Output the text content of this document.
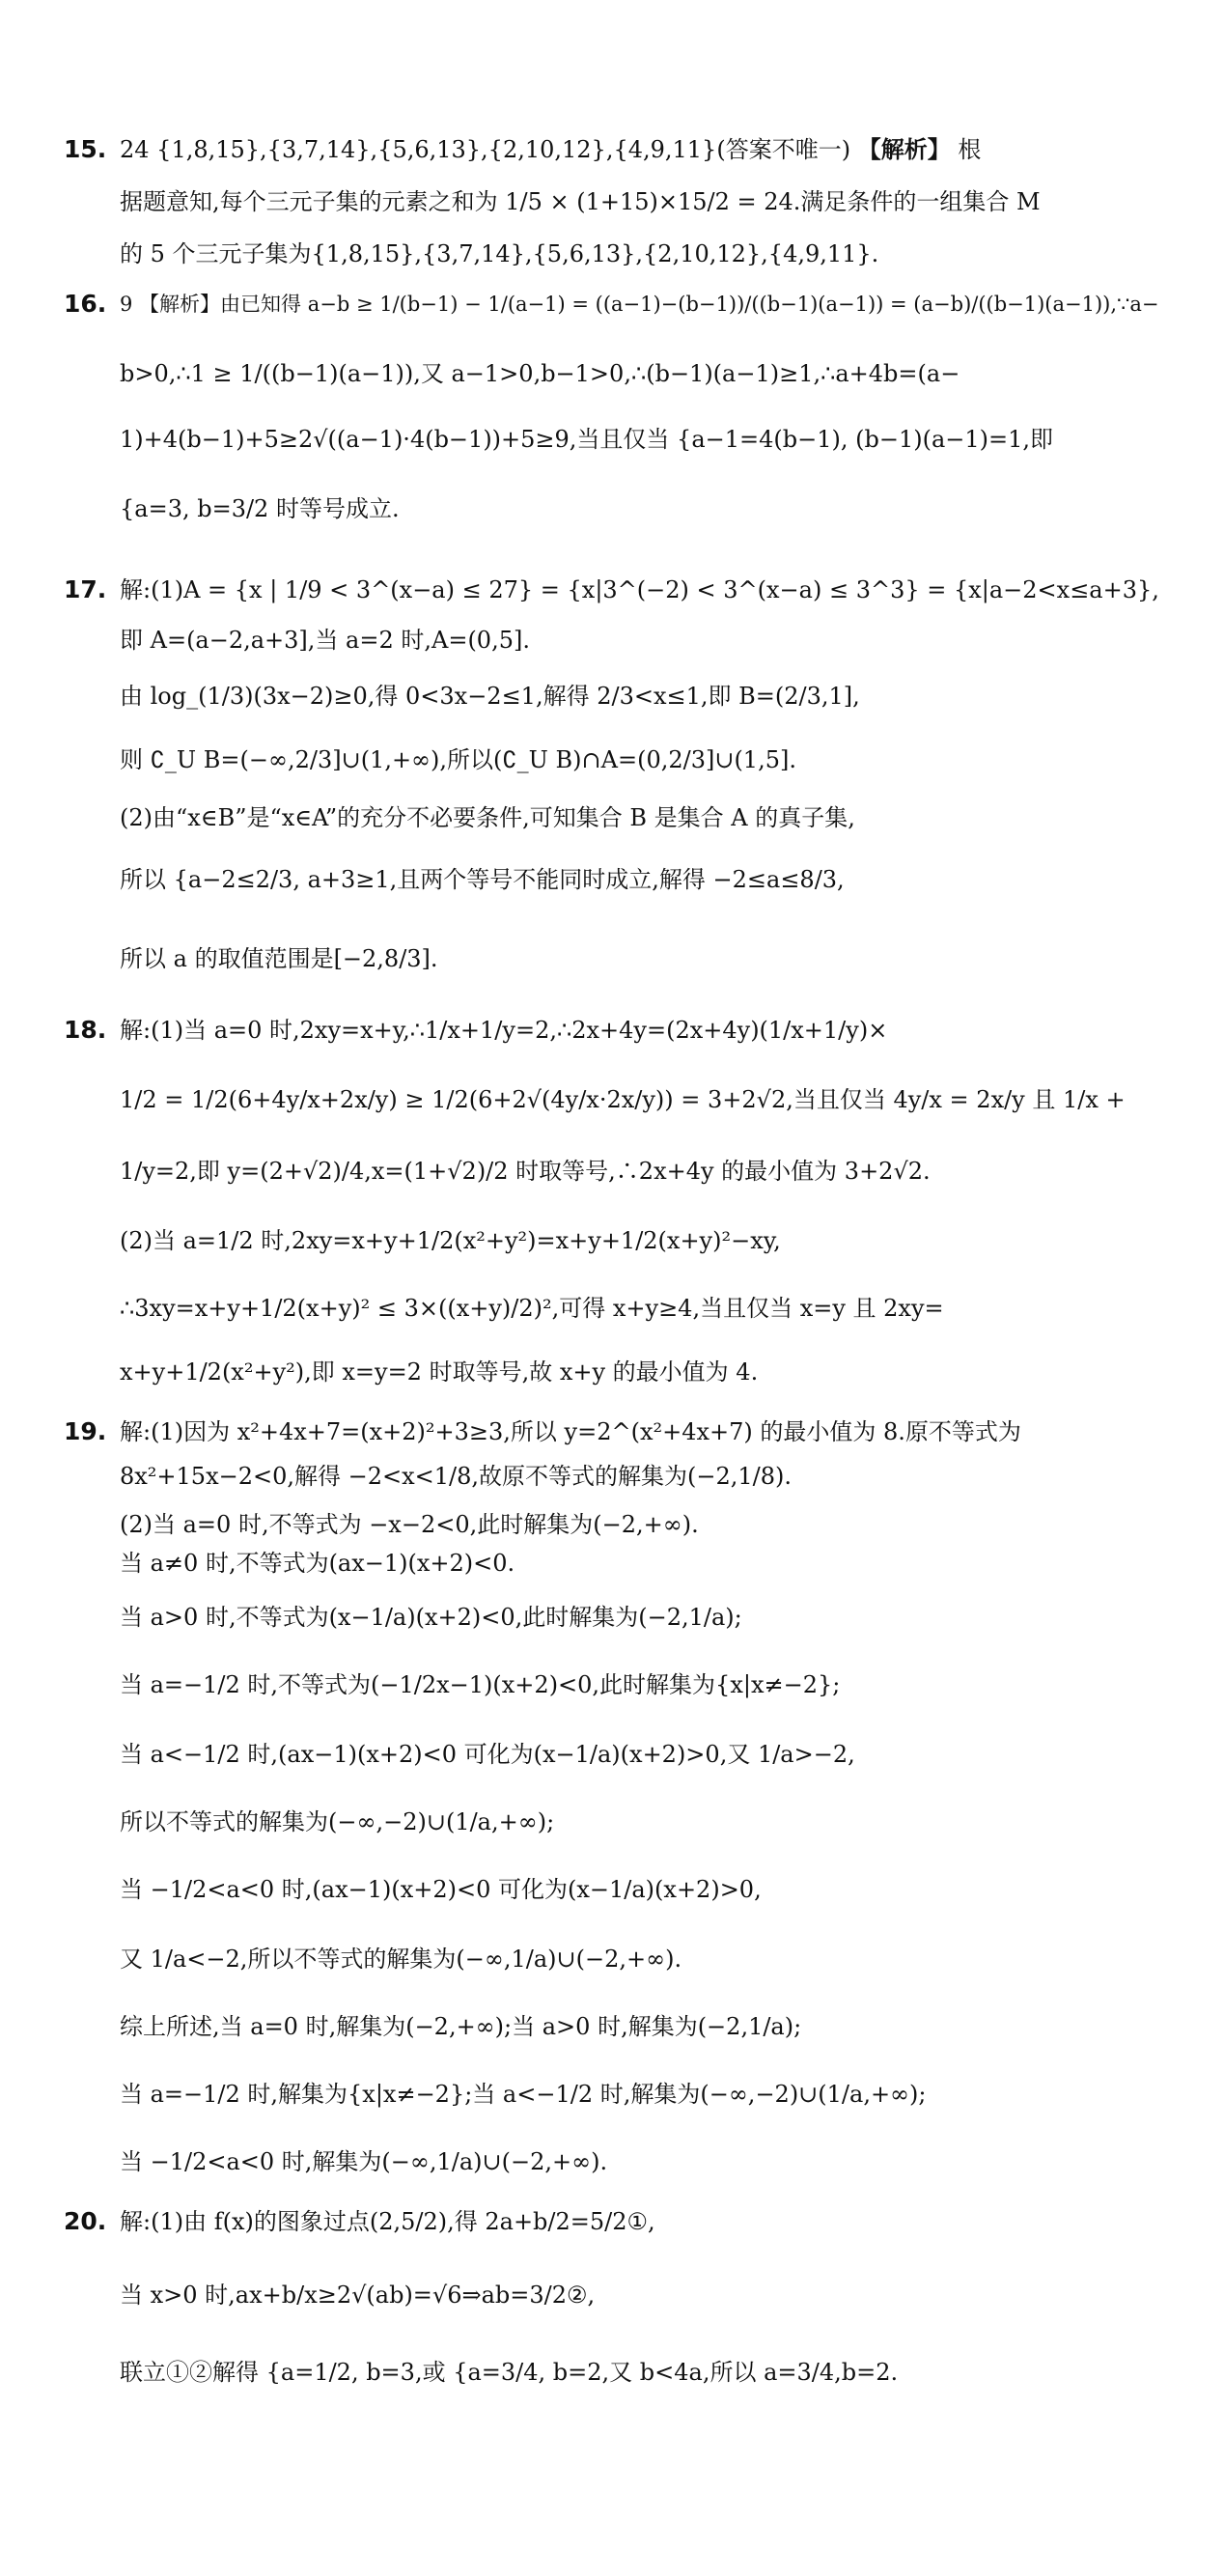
15. 24 {1,8,15},{3,7,14},{5,6,13},{2,10,12},{4,9,11}(答案不唯一) 【解析】 根
据题意知,每个三元子集的元素之和为 1/5 × (1+15)×15/2 = 24.满足条件的一组集合 M
的 5 个三元子集为{1,8,15},{3,7,14},{5,6,13},{2,10,12},{4,9,11}.
16. 9 【解析】由已知得 a−b ≥ 1/(b−1) − 1/(a−1) = ((a−1)−(b−1))/((b−1)(a−1)) = (a−b)/((b−1)(a−1)),∵a−
b>0,∴1 ≥ 1/((b−1)(a−1)),又 a−1>0,b−1>0,∴(b−1)(a−1)≥1,∴a+4b=(a−
1)+4(b−1)+5≥2√((a−1)·4(b−1))+5≥9,当且仅当 {a−1=4(b−1), (b−1)(a−1)=1,即
{a=3, b=3/2 时等号成立.
17. 解:(1)A = {x | 1/9 < 3^(x−a) ≤ 27} = {x|3^(−2) < 3^(x−a) ≤ 3^3} = {x|a−2<x≤a+3},
即 A=(a−2,a+3],当 a=2 时,A=(0,5].
由 log_(1/3)(3x−2)≥0,得 0<3x−2≤1,解得 2/3<x≤1,即 B=(2/3,1],
则 ∁_U B=(−∞,2/3]∪(1,+∞),所以(∁_U B)∩A=(0,2/3]∪(1,5].
(2)由“x∈B”是“x∈A”的充分不必要条件,可知集合 B 是集合 A 的真子集,
所以 {a−2≤2/3, a+3≥1,且两个等号不能同时成立,解得 −2≤a≤8/3,
所以 a 的取值范围是[−2,8/3].
18. 解:(1)当 a=0 时,2xy=x+y,∴1/x+1/y=2,∴2x+4y=(2x+4y)(1/x+1/y)×
1/2 = 1/2(6+4y/x+2x/y) ≥ 1/2(6+2√(4y/x·2x/y)) = 3+2√2,当且仅当 4y/x = 2x/y 且 1/x +
1/y=2,即 y=(2+√2)/4,x=(1+√2)/2 时取等号,∴2x+4y 的最小值为 3+2√2.
(2)当 a=1/2 时,2xy=x+y+1/2(x²+y²)=x+y+1/2(x+y)²−xy,
∴3xy=x+y+1/2(x+y)² ≤ 3×((x+y)/2)²,可得 x+y≥4,当且仅当 x=y 且 2xy=
x+y+1/2(x²+y²),即 x=y=2 时取等号,故 x+y 的最小值为 4.
19. 解:(1)因为 x²+4x+7=(x+2)²+3≥3,所以 y=2^(x²+4x+7) 的最小值为 8.原不等式为
8x²+15x−2<0,解得 −2<x<1/8,故原不等式的解集为(−2,1/8).
(2)当 a=0 时,不等式为 −x−2<0,此时解集为(−2,+∞).
当 a≠0 时,不等式为(ax−1)(x+2)<0.
当 a>0 时,不等式为(x−1/a)(x+2)<0,此时解集为(−2,1/a);
当 a=−1/2 时,不等式为(−1/2x−1)(x+2)<0,此时解集为{x|x≠−2};
当 a<−1/2 时,(ax−1)(x+2)<0 可化为(x−1/a)(x+2)>0,又 1/a>−2,
所以不等式的解集为(−∞,−2)∪(1/a,+∞);
当 −1/2<a<0 时,(ax−1)(x+2)<0 可化为(x−1/a)(x+2)>0,
又 1/a<−2,所以不等式的解集为(−∞,1/a)∪(−2,+∞).
综上所述,当 a=0 时,解集为(−2,+∞);当 a>0 时,解集为(−2,1/a);
当 a=−1/2 时,解集为{x|x≠−2};当 a<−1/2 时,解集为(−∞,−2)∪(1/a,+∞);
当 −1/2<a<0 时,解集为(−∞,1/a)∪(−2,+∞).
20. 解:(1)由 f(x)的图象过点(2,5/2),得 2a+b/2=5/2①,
当 x>0 时,ax+b/x≥2√(ab)=√6⇒ab=3/2②,
联立①②解得 {a=1/2, b=3,或 {a=3/4, b=2,又 b<4a,所以 a=3/4,b=2.
